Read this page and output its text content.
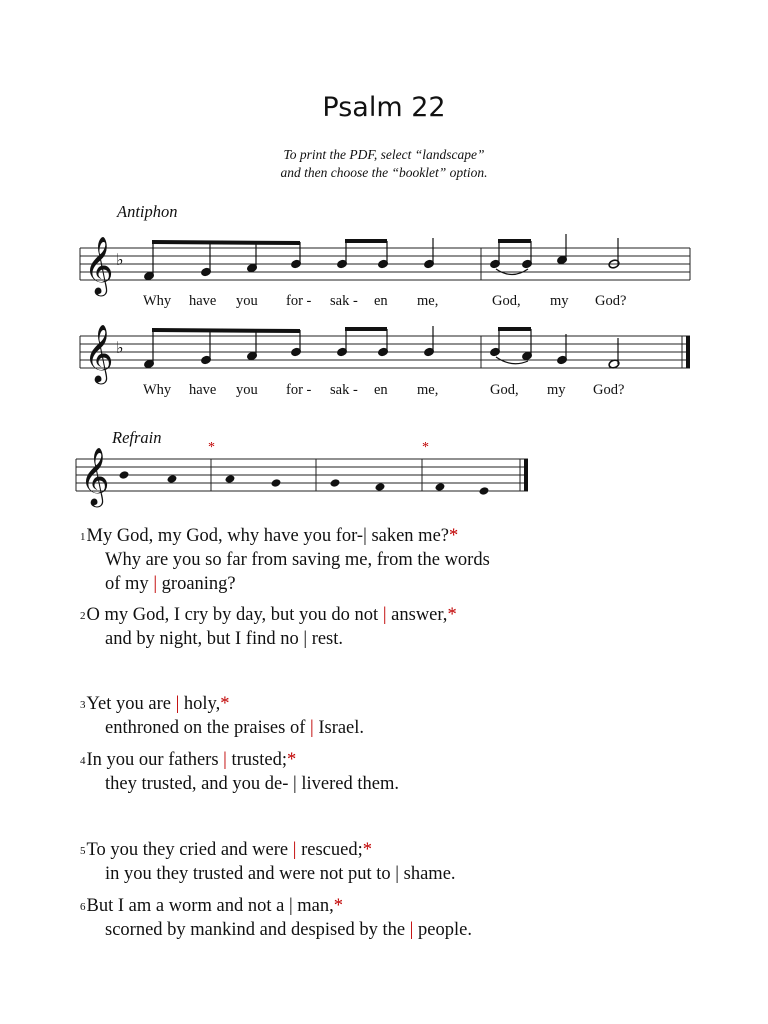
Psalm 22
To print the PDF, select “landscape”
and then choose the “booklet” option.
Antiphon
Refrain
𝄞 ♭
𝄞 ♭
𝄞
Why have you for - sak - en me,	God, my God?
Why have you for - sak - en me,	God, my God?
*	*
$^1$My God, my God, why have you for-| saken me?*
Why are you so far from saving me, from the words
of my | groaning?
$^2$O my God, I cry by day, but you do not | answer,*
and by night, but I find no | rest.
$^3$Yet you are | holy,*
enthroned on the praises of | Israel.
$^4$In you our fathers | trusted;*
they trusted, and you de- | livered them.
$^5$To you they cried and were | rescued;*
in you they trusted and were not put to | shame.
$^6$But I am a worm and not a | man,*
scorned by mankind and despised by the | people.
